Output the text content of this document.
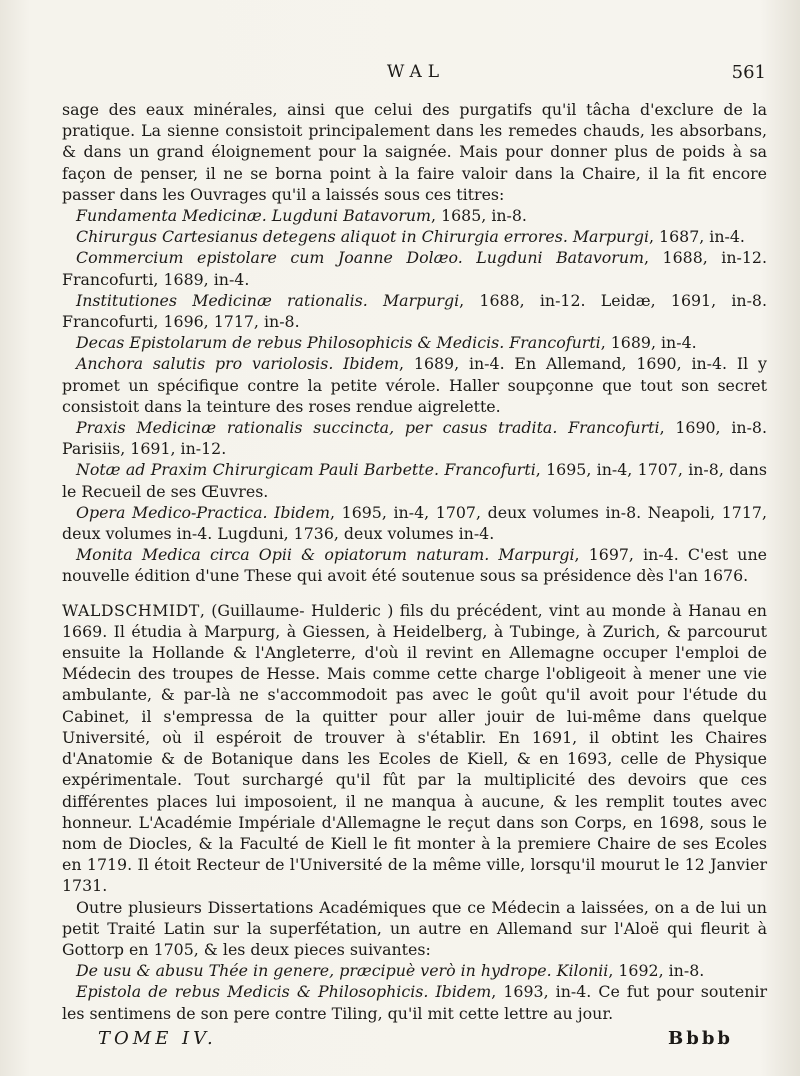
WAL	561

sage des eaux minérales, ainsi que celui des purgatifs qu'il tâcha d'exclure de la pratique. La sienne consistoit principalement dans les remedes chauds, les absorbans, & dans un grand éloignement pour la saignée. Mais pour donner plus de poids à sa façon de penser, il ne se borna point à la faire valoir dans la Chaire, il la fit encore passer dans les Ouvrages qu'il a laissés sous ces titres:

Fundamenta Medicinæ. Lugduni Batavorum, 1685, in-8.

Chirurgus Cartesianus detegens aliquot in Chirurgia errores. Marpurgi, 1687, in-4.

Commercium epistolare cum Joanne Dolæo. Lugduni Batavorum, 1688, in-12. Francofurti, 1689, in-4.

Institutiones Medicinæ rationalis. Marpurgi, 1688, in-12. Leidæ, 1691, in-8. Francofurti, 1696, 1717, in-8.

Decas Epistolarum de rebus Philosophicis & Medicis. Francofurti, 1689, in-4.

Anchora salutis pro variolosis. Ibidem, 1689, in-4. En Allemand, 1690, in-4. Il y promet un spécifique contre la petite vérole. Haller soupçonne que tout son secret consistoit dans la teinture des roses rendue aigrelette.

Praxis Medicinæ rationalis succincta, per casus tradita. Francofurti, 1690, in-8. Parisiis, 1691, in-12.

Notæ ad Praxim Chirurgicam Pauli Barbette. Francofurti, 1695, in-4, 1707, in-8, dans le Recueil de ses Œuvres.

Opera Medico-Practica. Ibidem, 1695, in-4, 1707, deux volumes in-8. Neapoli, 1717, deux volumes in-4. Lugduni, 1736, deux volumes in-4.

Monita Medica circa Opii & opiatorum naturam. Marpurgi, 1697, in-4. C'est une nouvelle édition d'une These qui avoit été soutenue sous sa présidence dès l'an 1676.

WALDSCHMIDT, (Guillaume- Hulderic ) fils du précédent, vint au monde à Hanau en 1669. Il étudia à Marpurg, à Giessen, à Heidelberg, à Tubinge, à Zurich, & parcourut ensuite la Hollande & l'Angleterre, d'où il revint en Allemagne occuper l'emploi de Médecin des troupes de Hesse. Mais comme cette charge l'obligeoit à mener une vie ambulante, & par-là ne s'accommodoit pas avec le goût qu'il avoit pour l'étude du Cabinet, il s'empressa de la quitter pour aller jouir de lui-même dans quelque Université, où il espéroit de trouver à s'établir. En 1691, il obtint les Chaires d'Anatomie & de Botanique dans les Ecoles de Kiell, & en 1693, celle de Physique expérimentale. Tout surchargé qu'il fût par la multiplicité des devoirs que ces différentes places lui imposoient, il ne manqua à aucune, & les remplit toutes avec honneur. L'Académie Impériale d'Allemagne le reçut dans son Corps, en 1698, sous le nom de Diocles, & la Faculté de Kiell le fit monter à la premiere Chaire de ses Ecoles en 1719. Il étoit Recteur de l'Université de la même ville, lorsqu'il mourut le 12 Janvier 1731.

Outre plusieurs Dissertations Académiques que ce Médecin a laissées, on a de lui un petit Traité Latin sur la superfétation, un autre en Allemand sur l'Aloë qui fleurit à Gottorp en 1705, & les deux pieces suivantes:

De usu & abusu Thée in genere, præcipuè verò in hydrope. Kilonii, 1692, in-8.

Epistola de rebus Medicis & Philosophicis. Ibidem, 1693, in-4. Ce fut pour soutenir les sentimens de son pere contre Tiling, qu'il mit cette lettre au jour.

TOME IV.	Bbbb
